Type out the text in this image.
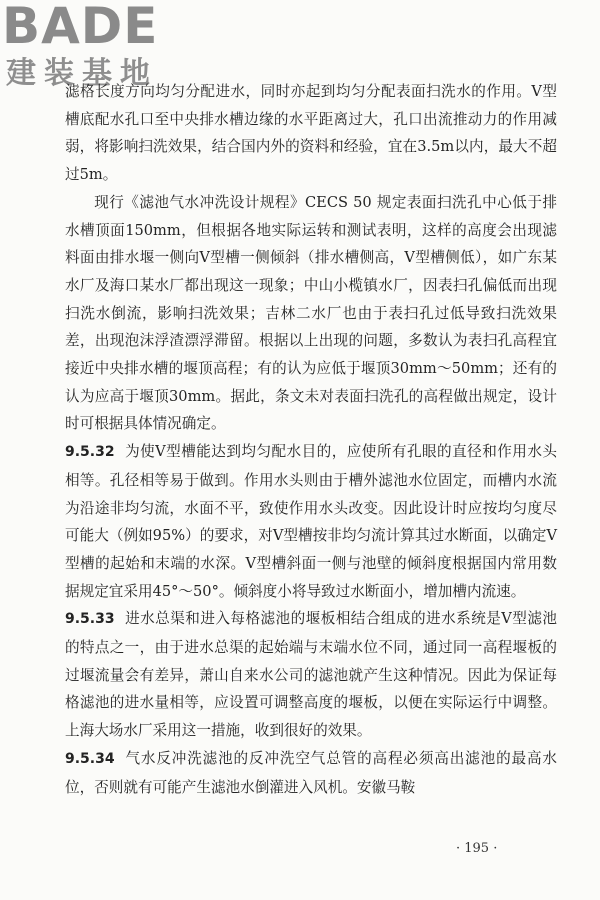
BADE
建装基地

滤格长度方向均匀分配进水，同时亦起到均匀分配表面扫洗水的作用。V型槽底配水孔口至中央排水槽边缘的水平距离过大，孔口出流推动力的作用减弱，将影响扫洗效果，结合国内外的资料和经验，宜在3.5m以内，最大不超过5m。

现行《滤池气水冲洗设计规程》CECS 50 规定表面扫洗孔中心低于排水槽顶面150mm，但根据各地实际运转和测试表明，这样的高度会出现滤料面由排水堰一侧向V型槽一侧倾斜（排水槽侧高，V型槽侧低），如广东某水厂及海口某水厂都出现这一现象；中山小榄镇水厂，因表扫孔偏低而出现扫洗水倒流，影响扫洗效果；吉林二水厂也由于表扫孔过低导致扫洗效果差，出现泡沫浮渣漂浮滞留。根据以上出现的问题，多数认为表扫孔高程宜接近中央排水槽的堰顶高程；有的认为应低于堰顶30mm～50mm；还有的认为应高于堰顶30mm。据此，条文未对表面扫洗孔的高程做出规定，设计时可根据具体情况确定。

9.5.32 为使V型槽能达到均匀配水目的，应使所有孔眼的直径和作用水头相等。孔径相等易于做到。作用水头则由于槽外滤池水位固定，而槽内水流为沿途非均匀流，水面不平，致使作用水头改变。因此设计时应按均匀度尽可能大（例如95%）的要求，对V型槽按非均匀流计算其过水断面，以确定V型槽的起始和末端的水深。V型槽斜面一侧与池壁的倾斜度根据国内常用数据规定宜采用45°～50°。倾斜度小将导致过水断面小，增加槽内流速。

9.5.33 进水总渠和进入每格滤池的堰板相结合组成的进水系统是V型滤池的特点之一，由于进水总渠的起始端与末端水位不同，通过同一高程堰板的过堰流量会有差异，萧山自来水公司的滤池就产生这种情况。因此为保证每格滤池的进水量相等，应设置可调整高度的堰板，以便在实际运行中调整。上海大场水厂采用这一措施，收到很好的效果。

9.5.34 气水反冲洗滤池的反冲洗空气总管的高程必须高出滤池的最高水位，否则就有可能产生滤池水倒灌进入风机。安徽马鞍

· 195 ·
